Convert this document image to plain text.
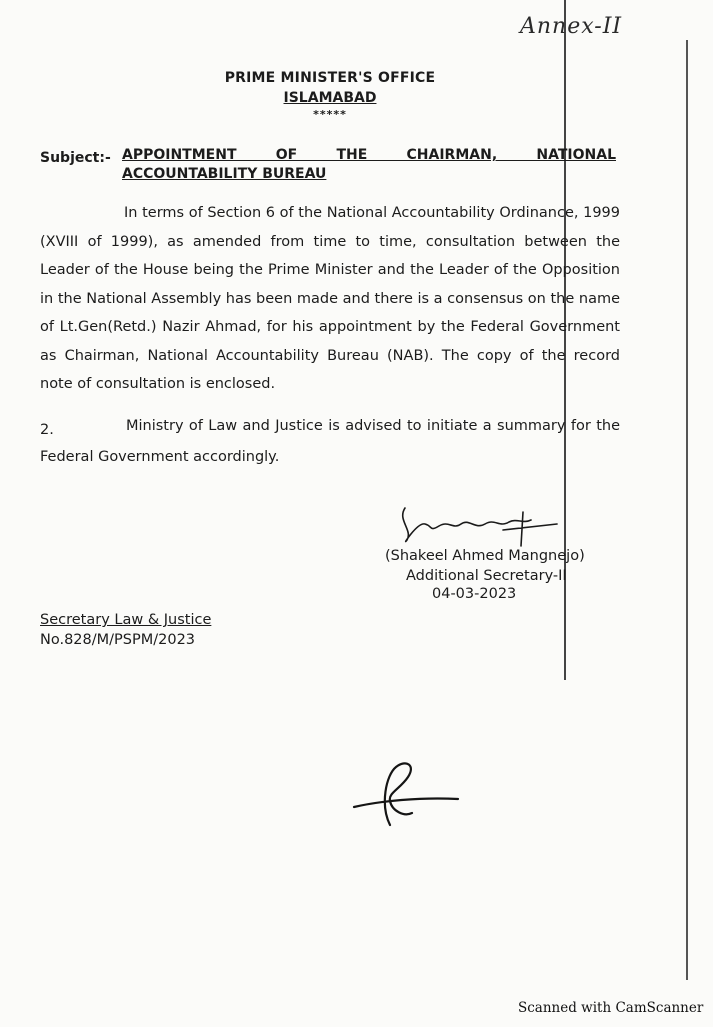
Annex-II
PRIME MINISTER'S OFFICE
ISLAMABAD
*****
Subject:- APPOINTMENT OF THE CHAIRMAN, NATIONAL ACCOUNTABILITY BUREAU
In terms of Section 6 of the National Accountability Ordinance, 1999 (XVIII of 1999), as amended from time to time, consultation between the Leader of the House being the Prime Minister and the Leader of the Opposition in the National Assembly has been made and there is a consensus on the name of Lt.Gen(Retd.) Nazir Ahmad, for his appointment by the Federal Government as Chairman, National Accountability Bureau (NAB). The copy of the record note of consultation is enclosed.
2.	Ministry of Law and Justice is advised to initiate a summary for the Federal Government accordingly.
(Shakeel Ahmed Mangnejo)
Additional Secretary-II
04-03-2023
Secretary Law & Justice
No.828/M/PSPM/2023
Scanned with CamScanner
